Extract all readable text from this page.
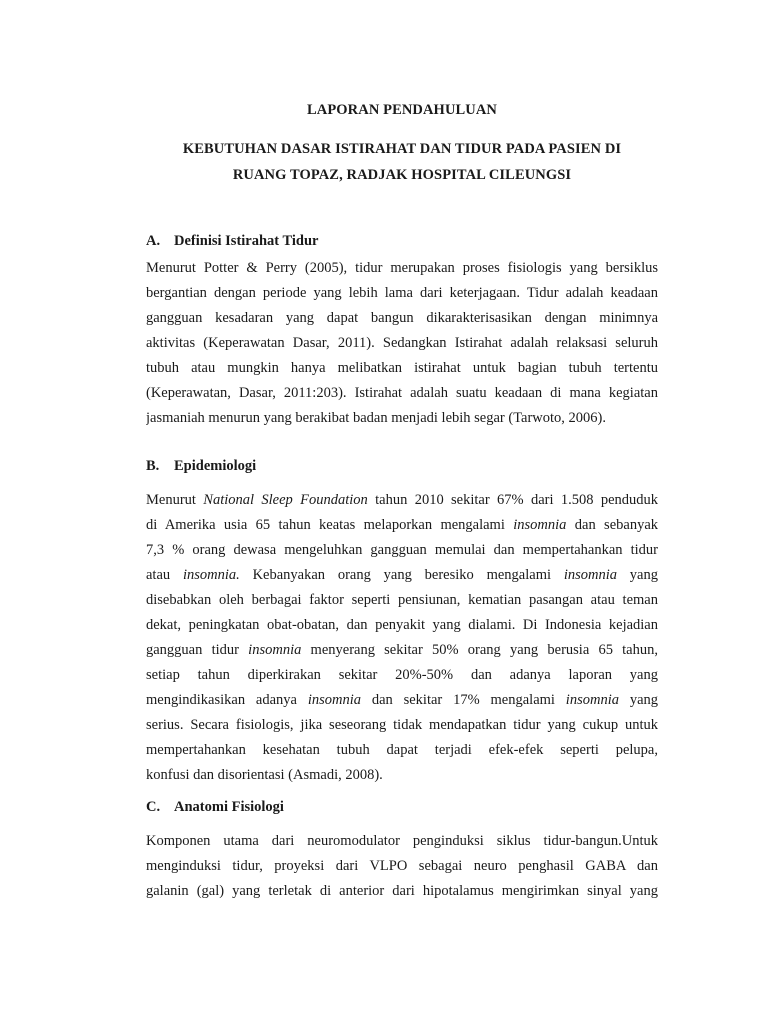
LAPORAN PENDAHULUAN

KEBUTUHAN DASAR ISTIRAHAT DAN TIDUR PADA PASIEN DI
RUANG TOPAZ, RADJAK HOSPITAL CILEUNGSI
A. Definisi Istirahat Tidur
Menurut Potter & Perry (2005), tidur merupakan proses fisiologis yang bersiklus
bergantian dengan periode yang lebih lama dari keterjagaan. Tidur adalah keadaan
gangguan kesadaran yang dapat bangun dikarakterisasikan dengan minimnya
aktivitas (Keperawatan Dasar, 2011). Sedangkan Istirahat adalah relaksasi seluruh
tubuh atau mungkin hanya melibatkan istirahat untuk bagian tubuh tertentu
(Keperawatan, Dasar, 2011:203). Istirahat adalah suatu keadaan di mana kegiatan
jasmaniah menurun yang berakibat badan menjadi lebih segar (Tarwoto, 2006).
B. Epidemiologi
Menurut National Sleep Foundation tahun 2010 sekitar 67% dari 1.508 penduduk
di Amerika usia 65 tahun keatas melaporkan mengalami insomnia dan sebanyak
7,3 % orang dewasa mengeluhkan gangguan memulai dan mempertahankan tidur
atau insomnia. Kebanyakan orang yang beresiko mengalami insomnia yang
disebabkan oleh berbagai faktor seperti pensiunan, kematian pasangan atau teman
dekat, peningkatan obat-obatan, dan penyakit yang dialami. Di Indonesia kejadian
gangguan tidur insomnia menyerang sekitar 50% orang yang berusia 65 tahun,
setiap tahun diperkirakan sekitar 20%-50% dan adanya laporan yang
mengindikasikan adanya insomnia dan sekitar 17% mengalami insomnia yang
serius. Secara fisiologis, jika seseorang tidak mendapatkan tidur yang cukup untuk
mempertahankan kesehatan tubuh dapat terjadi efek-efek seperti pelupa,
konfusi dan disorientasi (Asmadi, 2008).
C. Anatomi Fisiologi
Komponen utama dari neuromodulator penginduksi siklus tidur-bangun.Untuk
menginduksi tidur, proyeksi dari VLPO sebagai neuro penghasil GABA dan
galanin (gal) yang terletak di anterior dari hipotalamus mengirimkan sinyal yang
